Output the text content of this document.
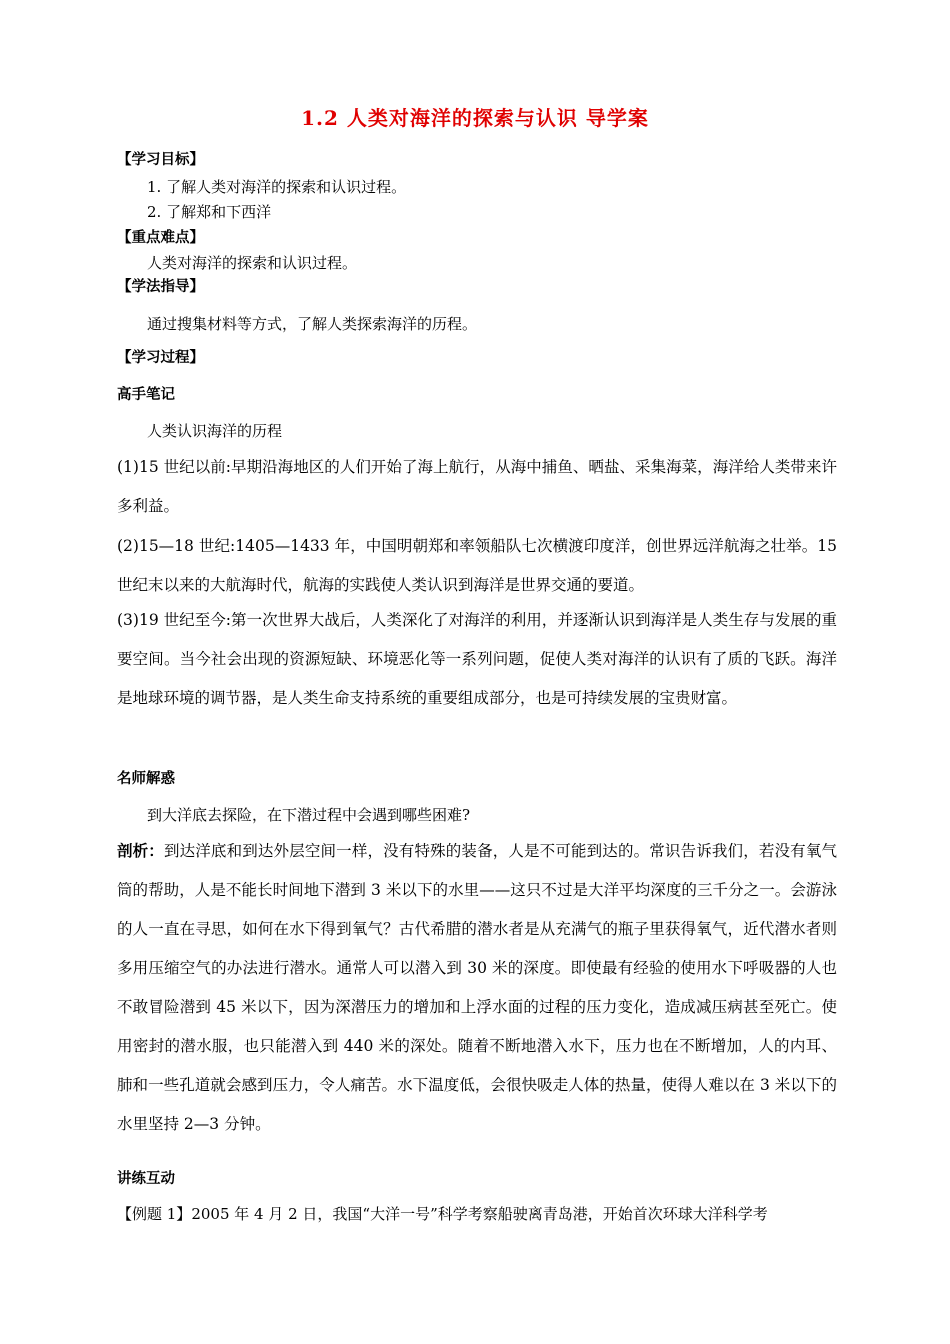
1.2 人类对海洋的探索与认识 导学案
【学习目标】
1. 了解人类对海洋的探索和认识过程。
2. 了解郑和下西洋
【重点难点】
人类对海洋的探索和认识过程。
【学法指导】
通过搜集材料等方式，了解人类探索海洋的历程。
【学习过程】
高手笔记
人类认识海洋的历程
(1)15 世纪以前:早期沿海地区的人们开始了海上航行，从海中捕鱼、晒盐、采集海菜，海洋给人类带来许多利益。
(2)15—18 世纪:1405—1433 年，中国明朝郑和率领船队七次横渡印度洋，创世界远洋航海之壮举。15 世纪末以来的大航海时代，航海的实践使人类认识到海洋是世界交通的要道。
(3)19 世纪至今:第一次世界大战后，人类深化了对海洋的利用，并逐渐认识到海洋是人类生存与发展的重要空间。当今社会出现的资源短缺、环境恶化等一系列问题，促使人类对海洋的认识有了质的飞跃。海洋是地球环境的调节器，是人类生命支持系统的重要组成部分，也是可持续发展的宝贵财富。
名师解惑
到大洋底去探险，在下潜过程中会遇到哪些困难?
剖析：到达洋底和到达外层空间一样，没有特殊的装备，人是不可能到达的。常识告诉我们，若没有氧气筒的帮助，人是不能长时间地下潜到 3 米以下的水里——这只不过是大洋平均深度的三千分之一。会游泳的人一直在寻思，如何在水下得到氧气？古代希腊的潜水者是从充满气的瓶子里获得氧气，近代潜水者则多用压缩空气的办法进行潜水。通常人可以潜入到 30 米的深度。即使最有经验的使用水下呼吸器的人也不敢冒险潜到 45 米以下，因为深潜压力的增加和上浮水面的过程的压力变化，造成减压病甚至死亡。使用密封的潜水服，也只能潜入到 440 米的深处。随着不断地潜入水下，压力也在不断增加，人的内耳、肺和一些孔道就会感到压力，令人痛苦。水下温度低，会很快吸走人体的热量，使得人难以在 3 米以下的水里坚持 2—3 分钟。
讲练互动
【例题 1】2005 年 4 月 2 日，我国“大洋一号”科学考察船驶离青岛港，开始首次环球大洋科学考
